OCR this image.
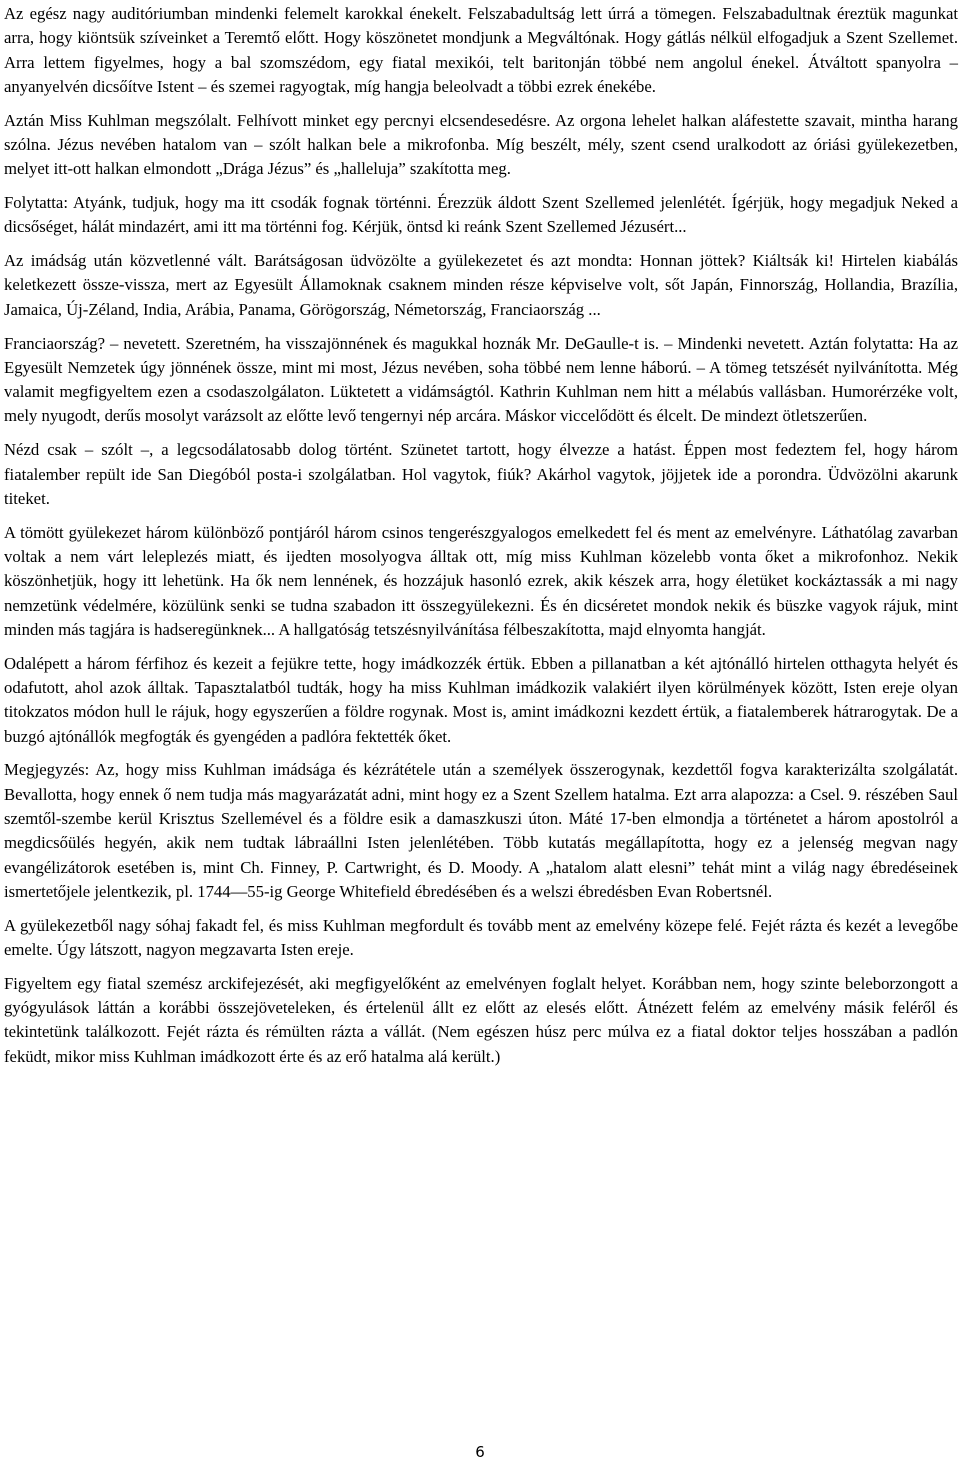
Az egész nagy auditóriumban mindenki felemelt karokkal énekelt. Felszabadultság lett úrrá a tömegen. Felszabadultnak éreztük magunkat arra, hogy kiöntsük szíveinket a Teremtő előtt. Hogy köszönetet mondjunk a Megváltónak. Hogy gátlás nélkül elfogadjuk a Szent Szellemet. Arra lettem figyelmes, hogy a bal szomszédom, egy fiatal mexikói, telt baritonján többé nem angolul énekel. Átváltott spanyolra – anyanyelvén dicsőítve Istent – és szemei ragyogtak, míg hangja beleolvadt a többi ezrek énekébe.

Aztán Miss Kuhlman megszólalt. Felhívott minket egy percnyi elcsendesedésre. Az orgona lehelet halkan aláfestette szavait, mintha harang szólna. Jézus nevében hatalom van – szólt halkan bele a mikrofonba. Míg beszélt, mély, szent csend uralkodott az óriási gyülekezetben, melyet itt-ott halkan elmondott „Drága Jézus” és „halleluja” szakította meg.

Folytatta: Atyánk, tudjuk, hogy ma itt csodák fognak történni. Érezzük áldott Szent Szellemed jelenlétét. Ígérjük, hogy megadjuk Neked a dicsőséget, hálát mindazért, ami itt ma történni fog. Kérjük, öntsd ki reánk Szent Szellemed Jézusért...

Az imádság után közvetlenné vált. Barátságosan üdvözölte a gyülekezetet és azt mondta: Honnan jöttek? Kiáltsák ki! Hirtelen kiabálás keletkezett össze-vissza, mert az Egyesült Államoknak csaknem minden része képviselve volt, sőt Japán, Finnország, Hollandia, Brazília, Jamaica, Új-Zéland, India, Arábia, Panama, Görögország, Németország, Franciaország ...

Franciaország? – nevetett. Szeretném, ha visszajönnének és magukkal hoznák Mr. DeGaulle-t is. – Mindenki nevetett. Aztán folytatta: Ha az Egyesült Nemzetek úgy jönnének össze, mint mi most, Jézus nevében, soha többé nem lenne háború. – A tömeg tetszését nyilvánította. Még valamit megfigyeltem ezen a csodaszolgálaton. Lüktetett a vidámságtól. Kathrin Kuhlman nem hitt a mélabús vallásban. Humorérzéke volt, mely nyugodt, derűs mosolyt varázsolt az előtte levő tengernyi nép arcára. Máskor viccelődött és élcelt. De mindezt ötletszerűen.

Nézd csak – szólt –, a legcsodálatosabb dolog történt. Szünetet tartott, hogy élvezze a hatást. Éppen most fedeztem fel, hogy három fiatalember repült ide San Diegóból posta-i szolgálatban. Hol vagytok, fiúk? Akárhol vagytok, jöjjetek ide a porondra. Üdvözölni akarunk titeket.

A tömött gyülekezet három különböző pontjáról három csinos tengerészgyalogos emelkedett fel és ment az emelvényre. Láthatólag zavarban voltak a nem várt leleplezés miatt, és ijedten mosolyogva álltak ott, míg miss Kuhlman közelebb vonta őket a mikrofonhoz. Nekik köszönhetjük, hogy itt lehetünk. Ha ők nem lennének, és hozzájuk hasonló ezrek, akik készek arra, hogy életüket kockáztassák a mi nagy nemzetünk védelmére, közülünk senki se tudna szabadon itt összegyülekezni. És én dicséretet mondok nekik és büszke vagyok rájuk, mint minden más tagjára is hadseregünknek... A hallgatóság tetszésnyilvánítása félbeszakította, majd elnyomta hangját.

Odalépett a három férfihoz és kezeit a fejükre tette, hogy imádkozzék értük. Ebben a pillanatban a két ajtónálló hirtelen otthagyta helyét és odafutott, ahol azok álltak. Tapasztalatból tudták, hogy ha miss Kuhlman imádkozik valakiért ilyen körülmények között, Isten ereje olyan titokzatos módon hull le rájuk, hogy egyszerűen a földre rogynak. Most is, amint imádkozni kezdett értük, a fiatalemberek hátrarogytak. De a buzgó ajtónállók megfogták és gyengéden a padlóra fektették őket.

Megjegyzés: Az, hogy miss Kuhlman imádsága és kézrátétele után a személyek összerogynak, kezdettől fogva karakterizálta szolgálatát. Bevallotta, hogy ennek ő nem tudja más magyarázatát adni, mint hogy ez a Szent Szellem hatalma. Ezt arra alapozza: a Csel. 9. részében Saul szemtől-szembe kerül Krisztus Szellemével és a földre esik a damaszkuszi úton. Máté 17-ben elmondja a történetet a három apostolról a megdicsőülés hegyén, akik nem tudtak lábraállni Isten jelenlétében. Több kutatás megállapította, hogy ez a jelenség megvan nagy evangélizátorok esetében is, mint Ch. Finney, P. Cartwright, és D. Moody. A „hatalom alatt elesni” tehát mint a világ nagy ébredéseinek ismertetőjele jelentkezik, pl. 1744—55-ig George Whitefield ébredésében és a welszi ébredésben Evan Robertsnél.

A gyülekezetből nagy sóhaj fakadt fel, és miss Kuhlman megfordult és tovább ment az emelvény közepe felé. Fejét rázta és kezét a levegőbe emelte. Úgy látszott, nagyon megzavarta Isten ereje.

Figyeltem egy fiatal szemész arckifejezését, aki megfigyelőként az emelvényen foglalt helyet. Korábban nem, hogy szinte beleborzongott a gyógyulások láttán a korábbi összejöveteleken, és értelenül állt ez előtt az elesés előtt. Átnézett felém az emelvény másik feléről és tekintetünk találkozott. Fejét rázta és rémülten rázta a vállát. (Nem egészen húsz perc múlva ez a fiatal doktor teljes hosszában a padlón feküdt, mikor miss Kuhlman imádkozott érte és az erő hatalma alá került.)

6
